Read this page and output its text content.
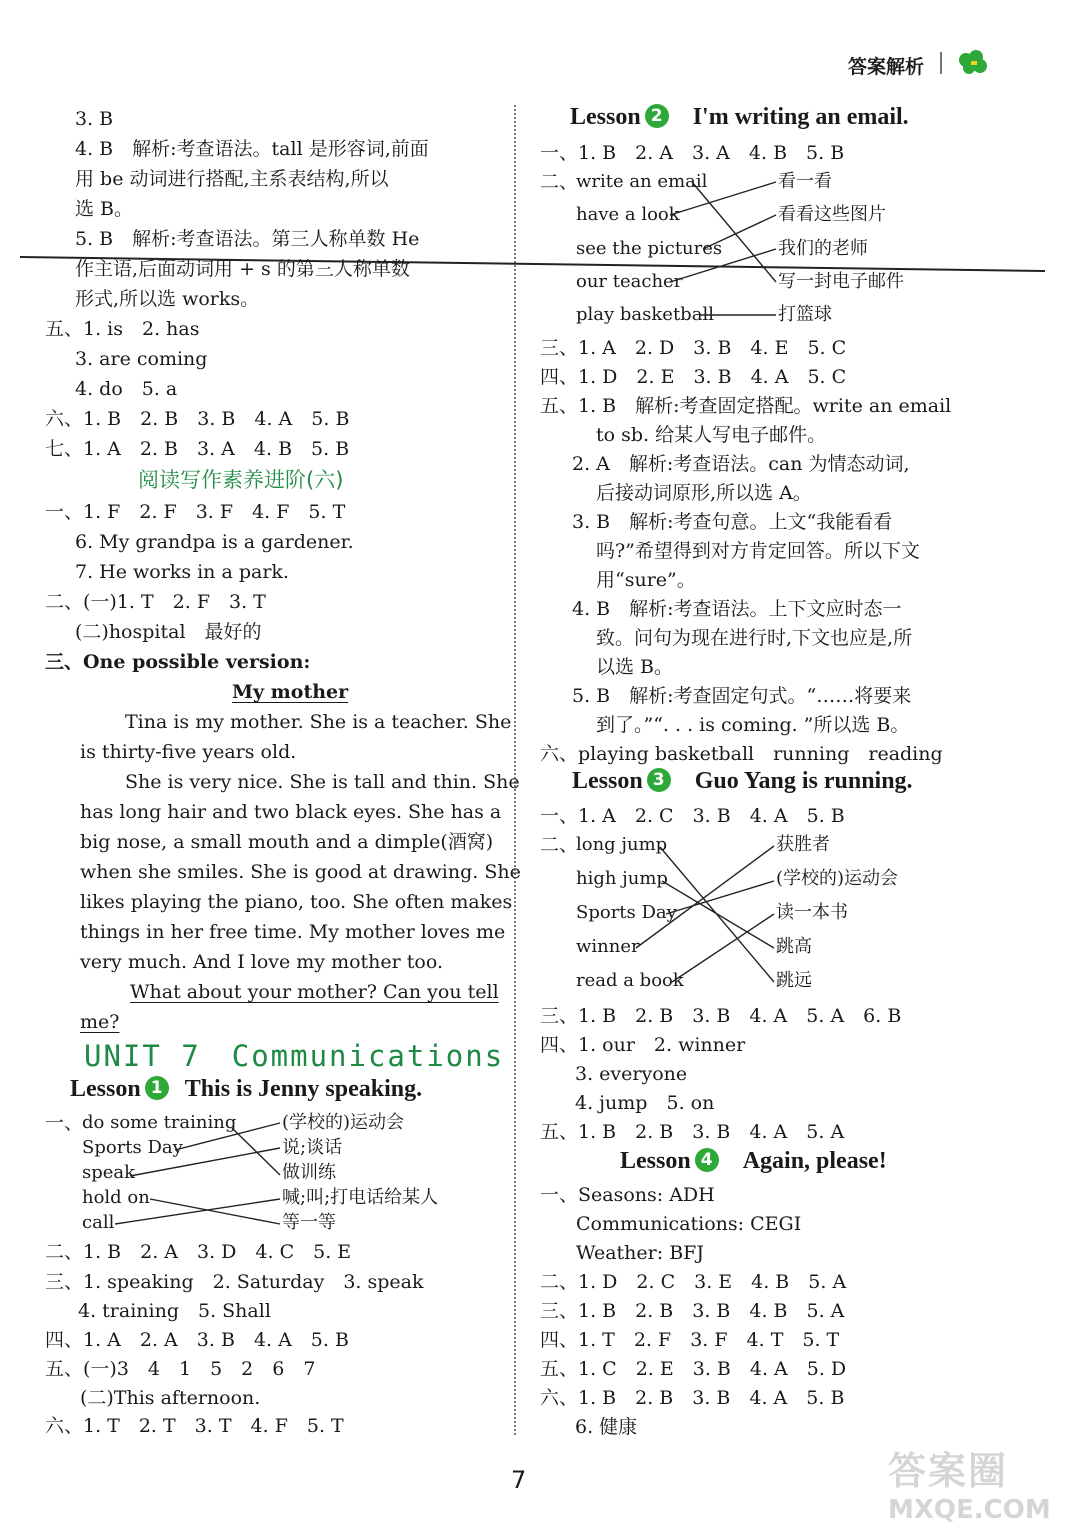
答案解析
3. B
4. B　解析:考查语法。tall 是形容词,前面
用 be 动词进行搭配,主系表结构,所以
选 B。
5. B　解析:考查语法。第三人称单数 He
作主语,后面动词用 + s 的第三人称单数
形式,所以选 works。
五、1. is　2. has
3. are coming
4. do　5. a
六、1. B　2. B　3. B　4. A　5. B
七、1. A　2. B　3. A　4. B　5. B
阅读写作素养进阶(六)
一、1. F　2. F　3. F　4. F　5. T
6. My grandpa is a gardener.
7. He works in a park.
二、(一)1. T　2. F　3. T
(二)hospital　最好的
三、One possible version:
My mother
Tina is my mother. She is a teacher. She
is thirty-five years old.
She is very nice. She is tall and thin. She
has long hair and two black eyes. She has a
big nose, a small mouth and a dimple(酒窝)
when she smiles. She is good at drawing. She
likes playing the piano, too. She often makes
things in her free time. My mother loves me
very much. And I love my mother too.
What about your mother? Can you tell
me?
UNIT 7　Communications
Lesson 1 This is Jenny speaking.
一、
do some training
Sports Day
speak
hold on
call
(学校的)运动会
说;谈话
做训练
喊;叫;打电话给某人
等一等
二、1. B　2. A　3. D　4. C　5. E
三、1. speaking　2. Saturday　3. speak
4. training　5. Shall
四、1. A　2. A　3. B　4. A　5. B
五、(一)3　4　1　5　2　6　7
(二)This afternoon.
六、1. T　2. T　3. T　4. F　5. T
Lesson 2 I'm writing an email.
一、1. B　2. A　3. A　4. B　5. B
二、
write an email
have a look
see the pictures
our teacher
play basketball
看一看
看看这些图片
我们的老师
写一封电子邮件
打篮球
三、1. A　2. D　3. B　4. E　5. C
四、1. D　2. E　3. B　4. A　5. C
五、1. B　解析:考查固定搭配。write an email
to sb. 给某人写电子邮件。
2. A　解析:考查语法。can 为情态动词,
后接动词原形,所以选 A。
3. B　解析:考查句意。上文“我能看看
吗?”希望得到对方肯定回答。所以下文
用“sure”。
4. B　解析:考查语法。上下文应时态一
致。问句为现在进行时,下文也应是,所
以选 B。
5. B　解析:考查固定句式。“……将要来
到了。”“. . . is coming. ”所以选 B。
六、playing basketball　running　reading
Lesson 3 Guo Yang is running.
一、1. A　2. C　3. B　4. A　5. B
二、
long jump
high jump
Sports Day
winner
read a book
获胜者
(学校的)运动会
读一本书
跳高
跳远
三、1. B　2. B　3. B　4. A　5. A　6. B
四、1. our　2. winner
3. everyone
4. jump　5. on
五、1. B　2. B　3. B　4. A　5. A
Lesson 4 Again, please!
一、Seasons: ADH
Communications: CEGI
Weather: BFJ
二、1. D　2. C　3. E　4. B　5. A
三、1. B　2. B　3. B　4. B　5. A
四、1. T　2. F　3. F　4. T　5. T
五、1. C　2. E　3. B　4. A　5. D
六、1. B　2. B　3. B　4. A　5. B
6. 健康
7	答案圈
MXQE.COM
